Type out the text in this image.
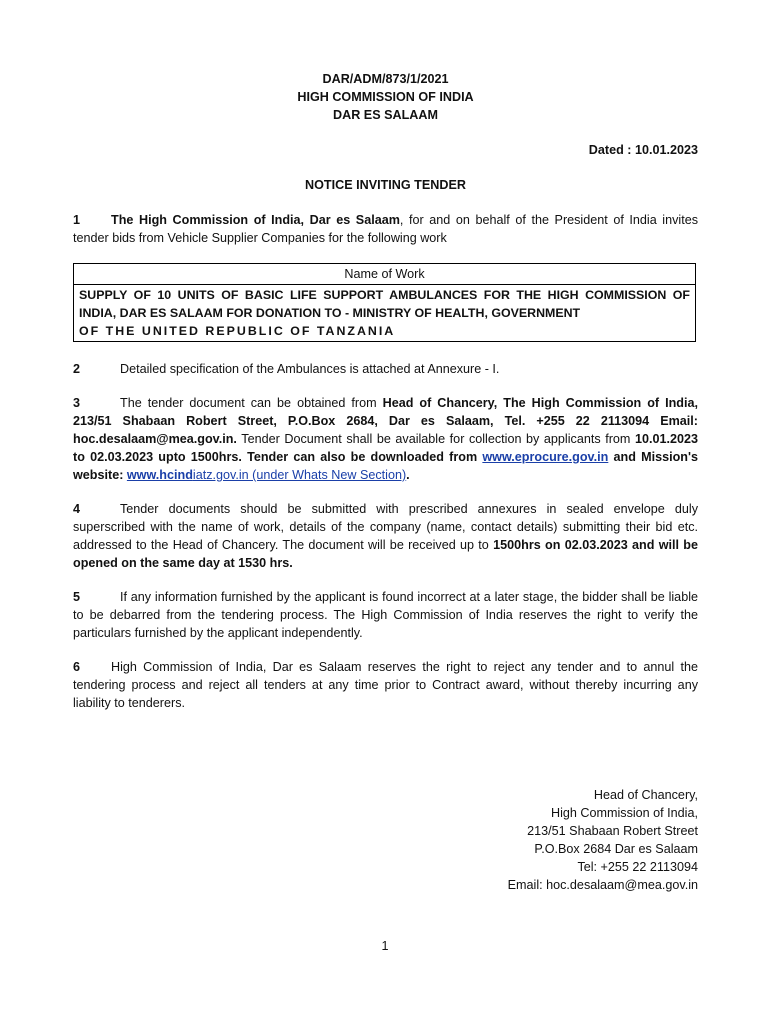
DAR/ADM/873/1/2021
HIGH COMMISSION OF INDIA
DAR ES SALAAM
Dated : 10.01.2023
NOTICE INVITING TENDER

1 The High Commission of India, Dar es Salaam, for and on behalf of the President of India invites tender bids from Vehicle Supplier Companies for the following work

Name of Work
SUPPLY OF 10 UNITS OF BASIC LIFE SUPPORT AMBULANCES FOR THE HIGH COMMISSION OF INDIA, DAR ES SALAAM FOR DONATION TO - MINISTRY OF HEALTH, GOVERNMENT
OF THE UNITED REPUBLIC OF TANZANIA

2	Detailed specification of the Ambulances is attached at Annexure - I.

3	The tender document can be obtained from Head of Chancery, The High Commission of India, 213/51 Shabaan Robert Street, P.O.Box 2684, Dar es Salaam, Tel. +255 22 2113094 Email: hoc.desalaam@mea.gov.in. Tender Document shall be available for collection by applicants from 10.01.2023 to 02.03.2023 upto 1500hrs. Tender can also be downloaded from www.eprocure.gov.in and Mission's website: www.hcindiatz.gov.in (under Whats New Section).

4	Tender documents should be submitted with prescribed annexures in sealed envelope duly superscribed with the name of work, details of the company (name, contact details) submitting their bid etc. addressed to the Head of Chancery. The document will be received up to 1500hrs on 02.03.2023 and will be opened on the same day at 1530 hrs.

5	If any information furnished by the applicant is found incorrect at a later stage, the bidder shall be liable to be debarred from the tendering process. The High Commission of India reserves the right to verify the particulars furnished by the applicant independently.

6 High Commission of India, Dar es Salaam reserves the right to reject any tender and to annul the tendering process and reject all tenders at any time prior to Contract award, without thereby incurring any liability to tenderers.

Head of Chancery,
High Commission of India,
213/51 Shabaan Robert Street
P.O.Box 2684 Dar es Salaam
Tel: +255 22 2113094
Email: hoc.desalaam@mea.gov.in
1
